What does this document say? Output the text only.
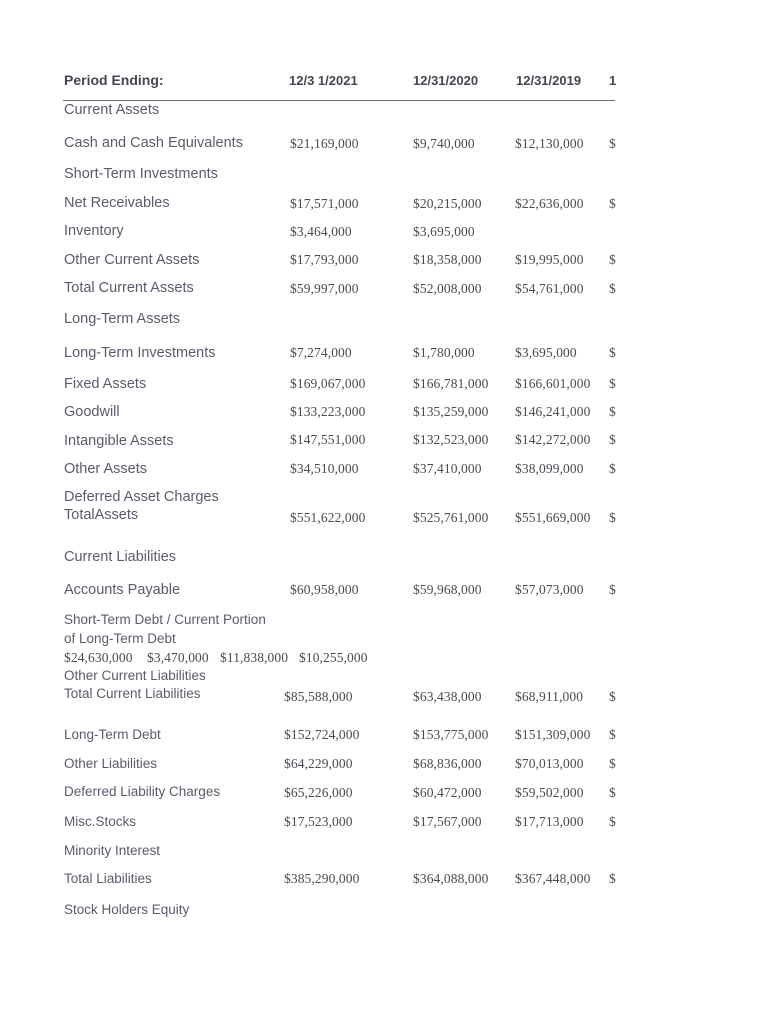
Period Ending:	12/3 1/2021	12/31/2020	12/31/2019 1
Current Assets
Cash and Cash Equivalents	$21,169,000	$9,740,000	$12,130,000 $
Short-Term Investments
Net Receivables	$17,571,000	$20,215,000 $22,636,000 $
Inventory	$3,464,000	$3,695,000
Other Current Assets	$17,793,000	$18,358,000 $19,995,000 $
Total Current Assets	$59,997,000	$52,008,000 $54,761,000 $
Long-Term Assets
Long-Term Investments	$7,274,000	$1,780,000	$3,695,000 $
Fixed Assets	$169,067,000	$166,781,000 $166,601,000 $
Goodwill	$133,223,000	$135,259,000 $146,241,000 $
Intangible Assets	$147,551,000	$132,523,000 $142,272,000 $
Other Assets	$34,510,000	$37,410,000 $38,099,000 $
Deferred Asset Charges
TotalAssets	$551,622,000	$525,761,000 $551,669,000 $
Current Liabilities
Accounts Payable	$60,958,000	$59,968,000 $57,073,000 $
Short-Term Debt / Current Portion
of Long-Term Debt
$24,630,000 $3,470,000 $11,838,000 $10,255,000
Other Current Liabilities
Total Current Liabilities	$85,588,000	$63,438,000 $68,911,000 $
Long-Term Debt	$152,724,000	$153,775,000 $151,309,000 $
Other Liabilities	$64,229,000	$68,836,000 $70,013,000 $
Deferred Liability Charges	$65,226,000	$60,472,000 $59,502,000 $
Misc.Stocks	$17,523,000	$17,567,000 $17,713,000 $
Minority Interest
Total Liabilities	$385,290,000	$364,088,000 $367,448,000 $
Stock Holders Equity
